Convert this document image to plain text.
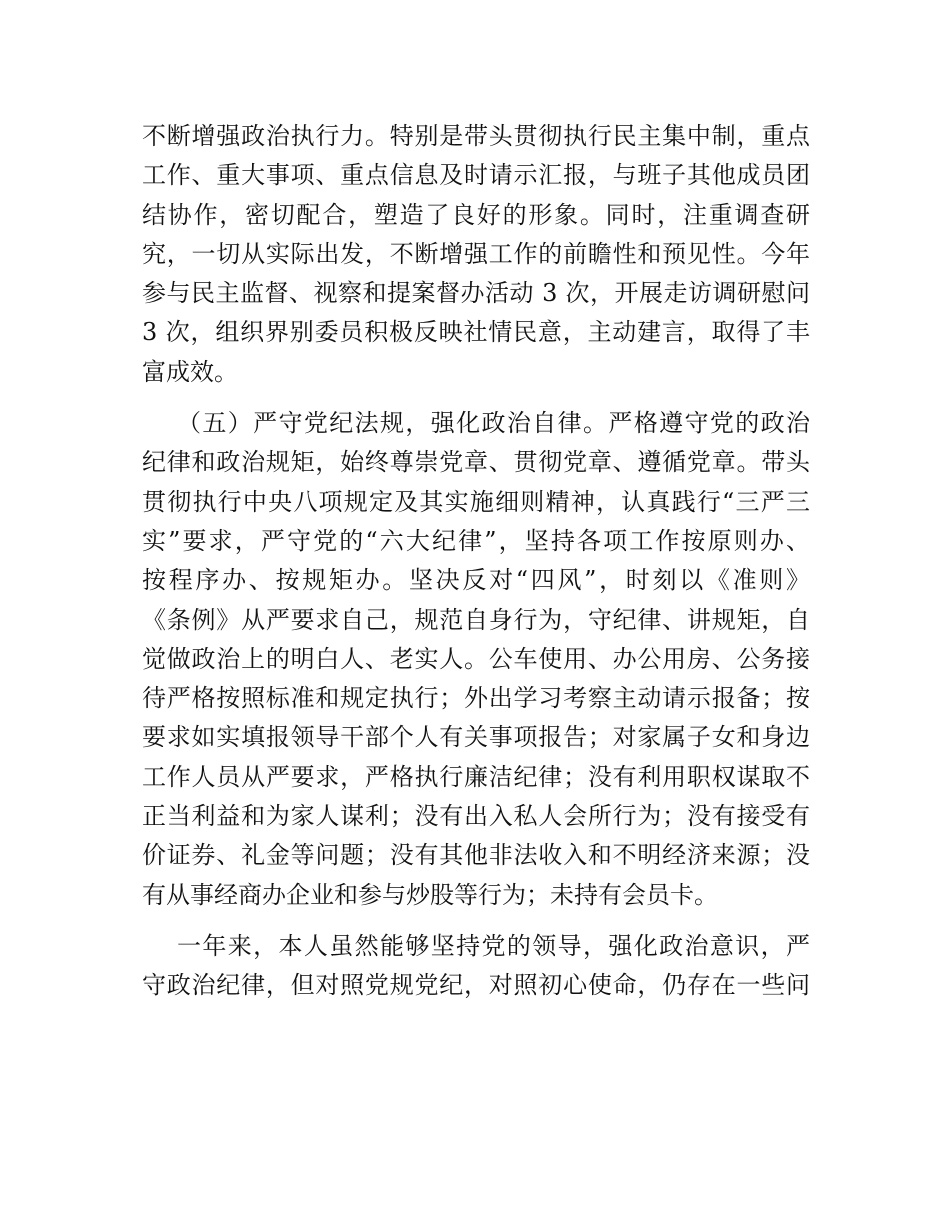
不断增强政治执行力。特别是带头贯彻执行民主集中制，重点
工作、重大事项、重点信息及时请示汇报，与班子其他成员团
结协作，密切配合，塑造了良好的形象。同时，注重调查研
究，一切从实际出发，不断增强工作的前瞻性和预见性。今年
参与民主监督、视察和提案督办活动 3 次，开展走访调研慰问
3 次，组织界别委员积极反映社情民意，主动建言，取得了丰
富成效。
（五）严守党纪法规，强化政治自律。严格遵守党的政治
纪律和政治规矩，始终尊崇党章、贯彻党章、遵循党章。带头
贯彻执行中央八项规定及其实施细则精神，认真践行“三严三
实”要求，严守党的“六大纪律”，坚持各项工作按原则办、
按程序办、按规矩办。坚决反对“四风”，时刻以《准则》
《条例》从严要求自己，规范自身行为，守纪律、讲规矩，自
觉做政治上的明白人、老实人。公车使用、办公用房、公务接
待严格按照标准和规定执行；外出学习考察主动请示报备；按
要求如实填报领导干部个人有关事项报告；对家属子女和身边
工作人员从严要求，严格执行廉洁纪律；没有利用职权谋取不
正当利益和为家人谋利；没有出入私人会所行为；没有接受有
价证券、礼金等问题；没有其他非法收入和不明经济来源；没
有从事经商办企业和参与炒股等行为；未持有会员卡。
一年来，本人虽然能够坚持党的领导，强化政治意识，严
守政治纪律，但对照党规党纪，对照初心使命，仍存在一些问
